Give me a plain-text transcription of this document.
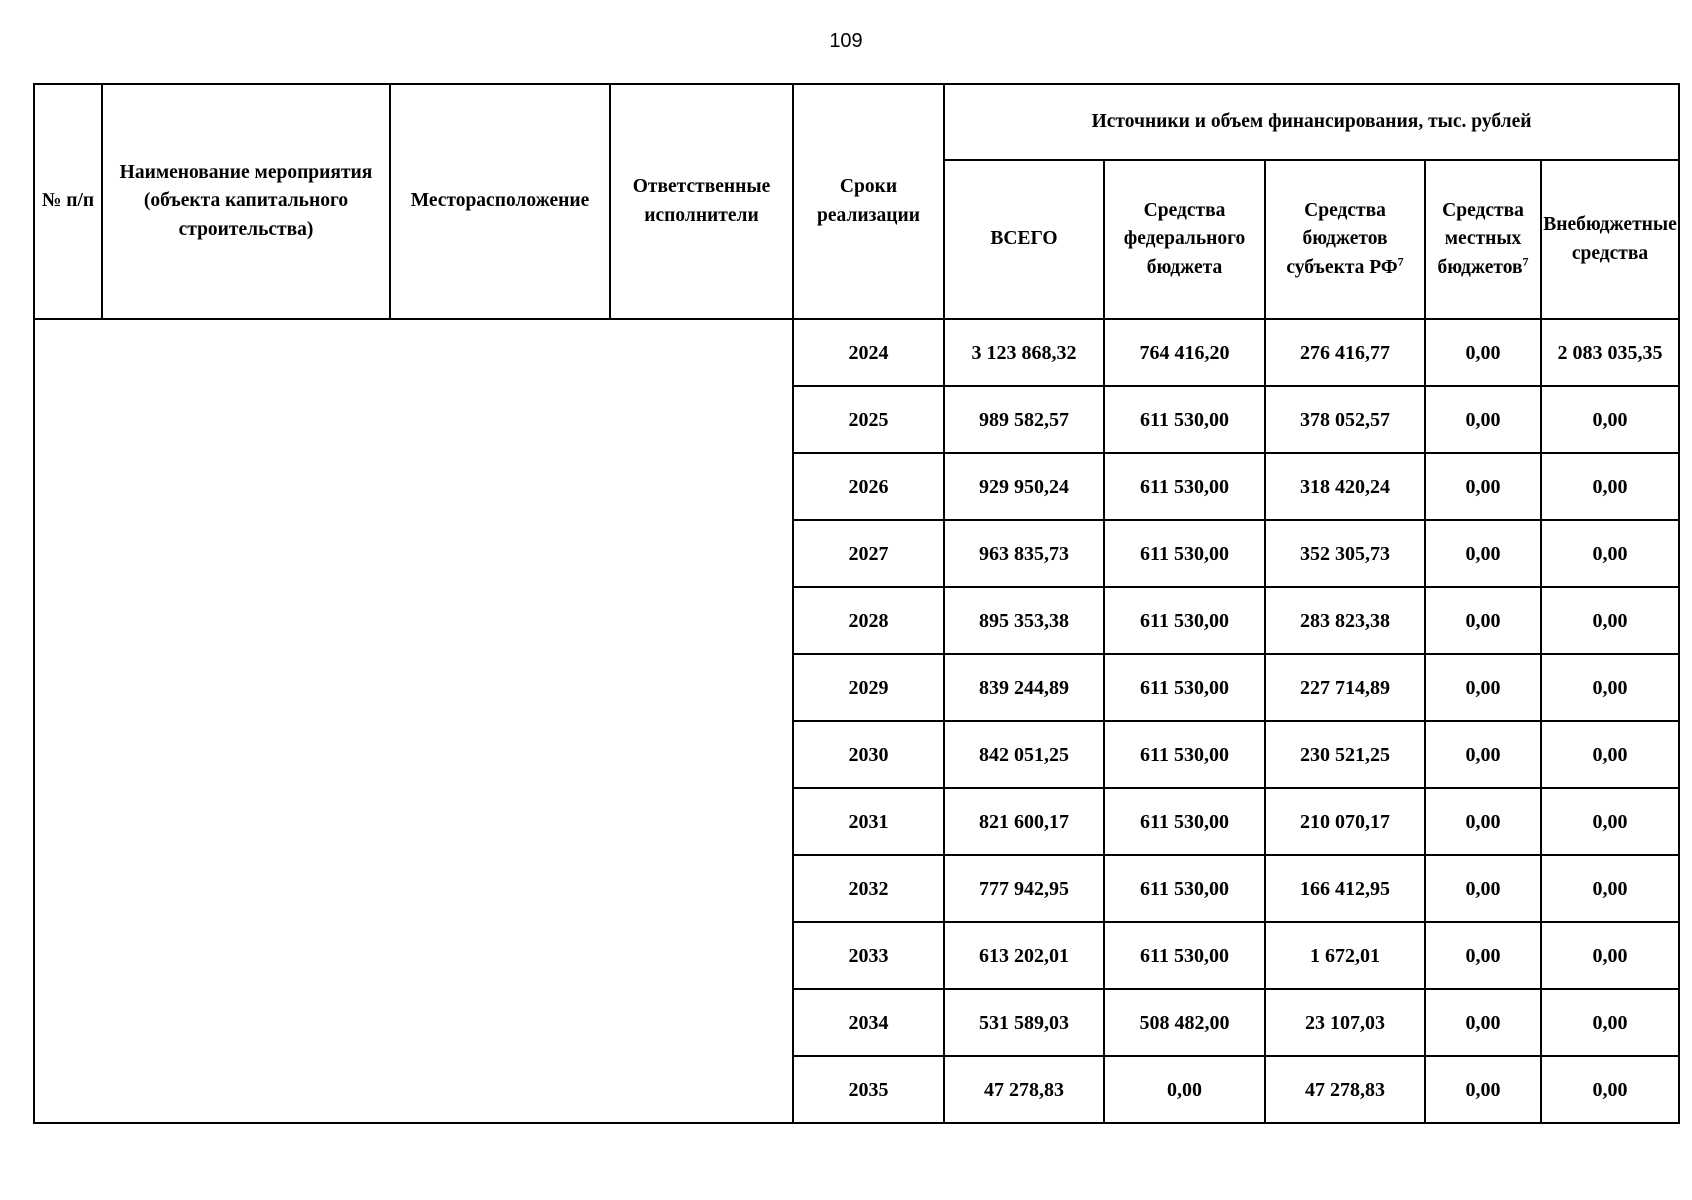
109
№ п/п	Наименование мероприятия (объекта капитального строительства)	Месторасположение	Ответственные исполнители	Сроки реализации	Источники и объем финансирования, тыс. рублей				
					ВСЕГО	Средства федерального бюджета	Средства бюджетов субъекта $РФ^7$	Средства местных бюджетов$^7$	Внебюджетные средства
				2024	3 123 868,32	764 416,20	276 416,77	0,00	2 083 035,35
				2025	989 582,57	611 530,00	378 052,57	0,00	0,00
				2026	929 950,24	611 530,00	318 420,24	0,00	0,00
				2027	963 835,73	611 530,00	352 305,73	0,00	0,00
				2028	895 353,38	611 530,00	283 823,38	0,00	0,00
				2029	839 244,89	611 530,00	227 714,89	0,00	0,00
				2030	842 051,25	611 530,00	230 521,25	0,00	0,00
				2031	821 600,17	611 530,00	210 070,17	0,00	0,00
				2032	777 942,95	611 530,00	166 412,95	0,00	0,00
				2033	613 202,01	611 530,00	1 672,01	0,00	0,00
				2034	531 589,03	508 482,00	23 107,03	0,00	0,00
				2035	47 278,83	0,00	47 278,83	0,00	0,00
